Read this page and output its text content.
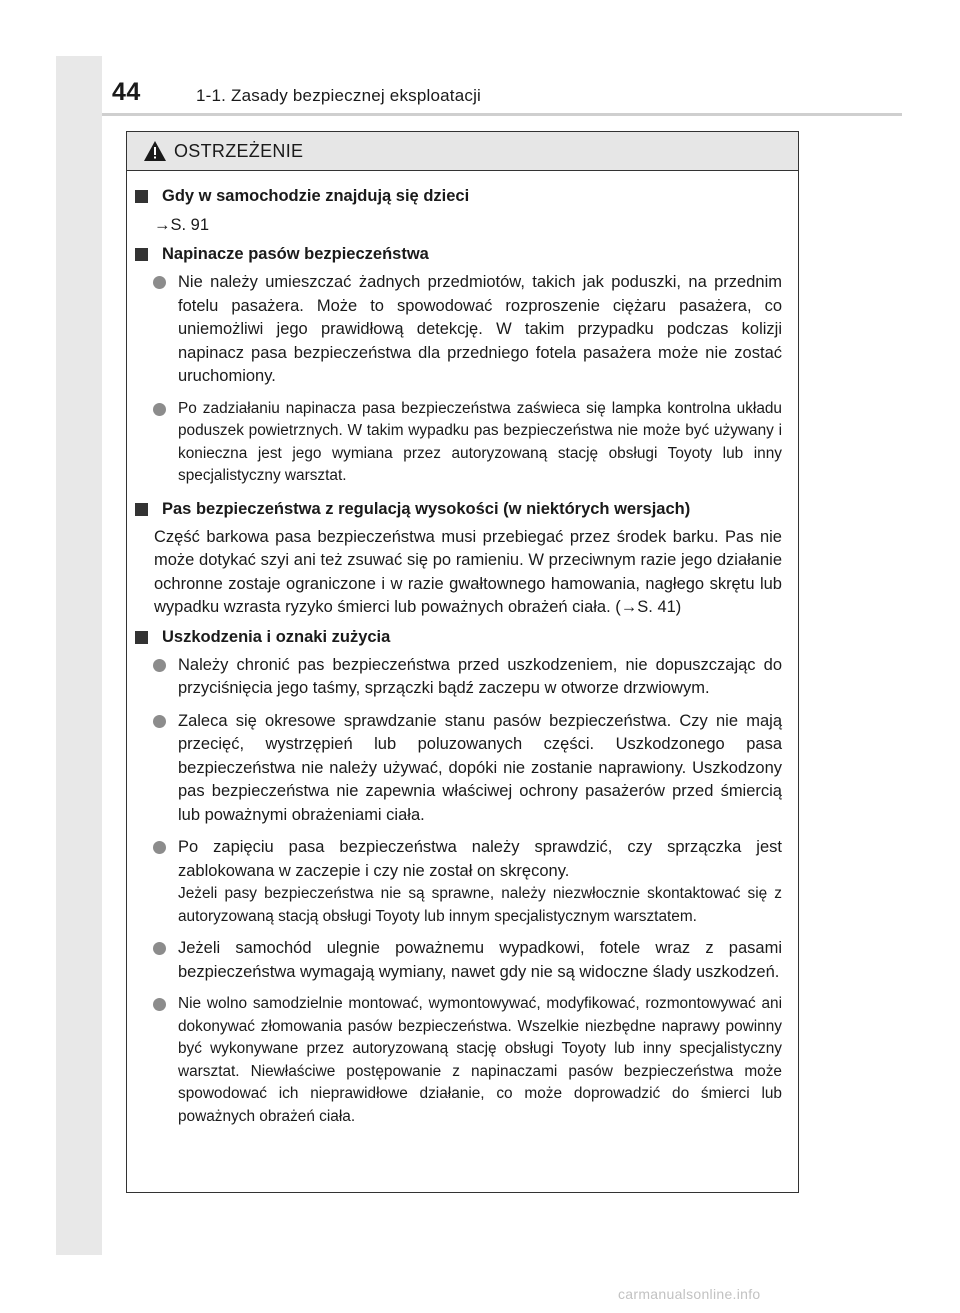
44	1-1. Zasady bezpiecznej eksploatacji
OSTRZEŻENIE
Gdy w samochodzie znajdują się dzieci
→S. 91
Napinacze pasów bezpieczeństwa
Nie należy umieszczać żadnych przedmiotów, takich jak poduszki, na przednim fotelu pasażera. Może to spowodować rozproszenie ciężaru pasażera, co uniemożliwi jego prawidłową detekcję. W takim przypadku podczas kolizji napinacz pasa bezpieczeństwa dla przedniego fotela pasażera może nie zostać uruchomiony.
Po zadziałaniu napinacza pasa bezpieczeństwa zaświeca się lampka kontrolna układu poduszek powietrznych. W takim wypadku pas bezpieczeństwa nie może być używany i konieczna jest jego wymiana przez autoryzowaną stację obsługi Toyoty lub inny specjalistyczny warsztat.
Pas bezpieczeństwa z regulacją wysokości (w niektórych wersjach)
Część barkowa pasa bezpieczeństwa musi przebiegać przez środek barku. Pas nie może dotykać szyi ani też zsuwać się po ramieniu. W przeciwnym razie jego działanie ochronne zostaje ograniczone i w razie gwałtownego hamowania, nagłego skrętu lub wypadku wzrasta ryzyko śmierci lub poważnych obrażeń ciała. (→S. 41)
Uszkodzenia i oznaki zużycia
Należy chronić pas bezpieczeństwa przed uszkodzeniem, nie dopuszczając do przyciśnięcia jego taśmy, sprzączki bądź zaczepu w otworze drzwiowym.
Zaleca się okresowe sprawdzanie stanu pasów bezpieczeństwa. Czy nie mają przecięć, wystrzępień lub poluzowanych części. Uszkodzonego pasa bezpieczeństwa nie należy używać, dopóki nie zostanie naprawiony. Uszkodzony pas bezpieczeństwa nie zapewnia właściwej ochrony pasażerów przed śmiercią lub poważnymi obrażeniami ciała.
Po zapięciu pasa bezpieczeństwa należy sprawdzić, czy sprzączka jest zablokowana w zaczepie i czy nie został on skręcony.
Jeżeli pasy bezpieczeństwa nie są sprawne, należy niezwłocznie skontaktować się z autoryzowaną stacją obsługi Toyoty lub innym specjalistycznym warsztatem.
Jeżeli samochód ulegnie poważnemu wypadkowi, fotele wraz z pasami bezpieczeństwa wymagają wymiany, nawet gdy nie są widoczne ślady uszkodzeń.
Nie wolno samodzielnie montować, wymontowywać, modyfikować, rozmontowywać ani dokonywać złomowania pasów bezpieczeństwa. Wszelkie niezbędne naprawy powinny być wykonywane przez autoryzowaną stację obsługi Toyoty lub inny specjalistyczny warsztat. Niewłaściwe postępowanie z napinaczami pasów bezpieczeństwa może spowodować ich nieprawidłowe działanie, co może doprowadzić do śmierci lub poważnych obrażeń ciała.
carmanualsonline.info
